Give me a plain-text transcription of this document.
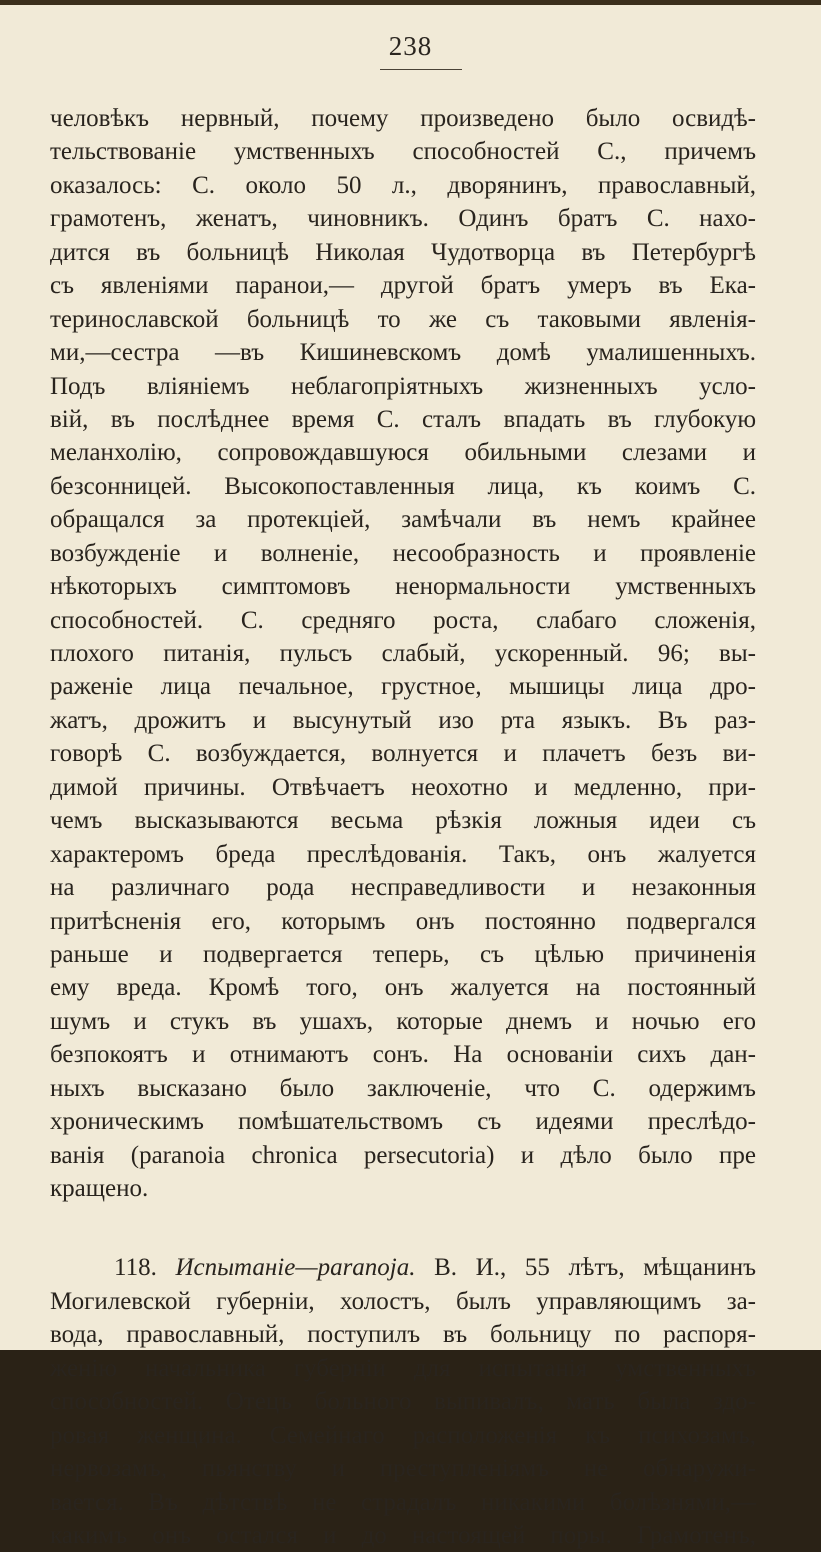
238
человѣкъ нервный, почему произведено было освидѣ-
тельствованіе умственныхъ способностей С., причемъ
оказалось: С. около 50 л., дворянинъ, православный,
грамотенъ, женатъ, чиновникъ. Одинъ братъ С. нахо-
дится въ больницѣ Николая Чудотворца въ Петербургѣ
съ явленіями паранои,— другой братъ умеръ въ Ека-
теринославской больницѣ то же съ таковыми явленія-
ми,—сестра —въ Кишиневскомъ домѣ умалишенныхъ.
Подъ вліяніемъ неблагопріятныхъ жизненныхъ усло-
вій, въ послѣднее время С. сталъ впадать въ глубокую
меланхолію, сопровождавшуюся обильными слезами и
безсонницей. Высокопоставленныя лица, къ коимъ С.
обращался за протекціей, замѣчали въ немъ крайнее
возбужденіе и волненіе, несообразность и проявленіе
нѣкоторыхъ симптомовъ ненормальности умственныхъ
способностей. С. средняго роста, слабаго сложенія,
плохого питанія, пульсъ слабый, ускоренный. 96; вы-
раженіе лица печальное, грустное, мышицы лица дро-
жатъ, дрожитъ и высунутый изо рта языкъ. Въ раз-
говорѣ С. возбуждается, волнуется и плачетъ безъ ви-
димой причины. Отвѣчаетъ неохотно и медленно, при-
чемъ высказываются весьма рѣзкія ложныя идеи съ
характеромъ бреда преслѣдованія. Такъ, онъ жалуется
на различнаго рода несправедливости и незаконныя
притѣсненія его, которымъ онъ постоянно подвергался
раньше и подвергается теперь, съ цѣлью причиненія
ему вреда. Кромѣ того, онъ жалуется на постоянный
шумъ и стукъ въ ушахъ, которые днемъ и ночью его
безпокоятъ и отнимаютъ сонъ. На основаніи сихъ дан-
ныхъ высказано было заключеніе, что С. одержимъ
хроническимъ помѣшательствомъ съ идеями преслѣдо-
ванія (paranoia chronica persecutoria) и дѣло было пре
кращено.
118. Испытаніе—paranoja. В. И., 55 лѣтъ, мѣщанинъ
Могилевской губерніи, холостъ, былъ управляющимъ за-
вода, православный, поступилъ въ больницу по распоря-
женію начальника губерніи для испытанія умственныхъ
способностей. Отецъ больного выпивалъ, мать была здо-
ровая женщина. Семейнаго расположенія къ психозамъ,
нервозамъ, пьянству и преступленіямъ не обнаружи-
вается. Въ дѣтствѣ не страдалъ никакими болѣзнями,—
какимъ онъ остался и до настоящей поры. Грамотенъ,
